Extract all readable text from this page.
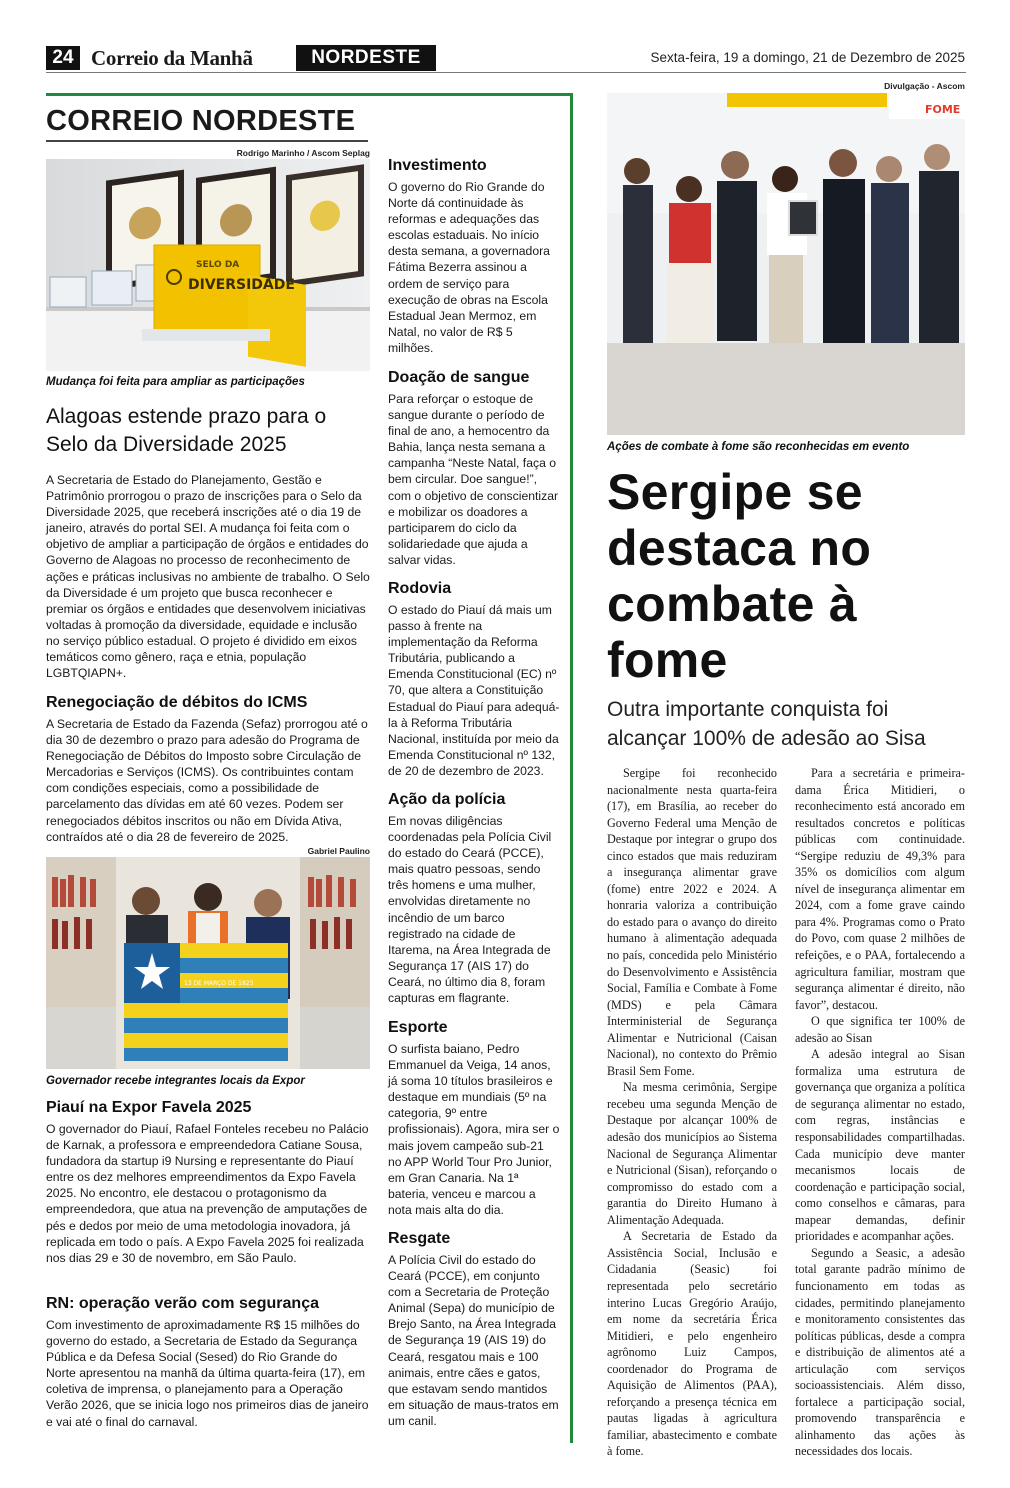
24 Correio da Manhã	NORDESTE	Sexta-feira, 19 a domingo, 21 de Dezembro de 2025
CORREIO NORDESTE
Rodrigo Marinho / Ascom Seplag
SELO DA
DIVERSIDADE
Mudança foi feita para ampliar as participações
Alagoas estende prazo para o Selo da Diversidade 2025
A Secretaria de Estado do Planejamento, Gestão e Patrimônio prorrogou o prazo de inscrições para o Selo da Diversidade 2025, que receberá inscrições até o dia 19 de janeiro, através do portal SEI. A mudança foi feita com o objetivo de ampliar a participação de órgãos e entidades do Governo de Alagoas no processo de reconhecimento de ações e práticas inclusivas no ambiente de trabalho. O Selo da Diversidade é um projeto que busca reconhecer e premiar os órgãos e entidades que desenvolvem iniciativas voltadas à promoção da diversidade, equidade e inclusão no serviço público estadual. O projeto é dividido em eixos temáticos como gênero, raça e etnia, população LGBTQIAPN+.
Renegociação de débitos do ICMS
A Secretaria de Estado da Fazenda (Sefaz) prorrogou até o dia 30 de dezembro o prazo para adesão do Programa de Renegociação de Débitos do Imposto sobre Circulação de Mercadorias e Serviços (ICMS). Os contribuintes contam com condições especiais, como a possibilidade de parcelamento das dívidas em até 60 vezes. Podem ser renegociados débitos inscritos ou não em Dívida Ativa, contraídos até o dia 28 de fevereiro de 2025.
Gabriel Paulino
13 DE MARÇO DE 1823
Governador recebe integrantes locais da Expor
Piauí na Expor Favela 2025
O governador do Piauí, Rafael Fonteles recebeu no Palácio de Karnak, a professora e empreendedora Catiane Sousa, fundadora da startup i9 Nursing e representante do Piauí entre os dez melhores empreendimentos da Expo Favela 2025. No encontro, ele destacou o protagonismo da empreendedora, que atua na prevenção de amputações de pés e dedos por meio de uma metodologia inovadora, já replicada em todo o país. A Expo Favela 2025 foi realizada nos dias 29 e 30 de novembro, em São Paulo.
RN: operação verão com segurança
Com investimento de aproximadamente R$ 15 milhões do governo do estado, a Secretaria de Estado da Segurança Pública e da Defesa Social (Sesed) do Rio Grande do Norte apresentou na manhã da última quarta-feira (17), em coletiva de imprensa, o planejamento para a Operação Verão 2026, que se inicia logo nos primeiros dias de janeiro e vai até o final do carnaval.
Investimento
O governo do Rio Grande do Norte dá continuidade às reformas e adequações das escolas estaduais. No início desta semana, a governadora Fátima Bezerra assinou a ordem de serviço para execução de obras na Escola Estadual Jean Mermoz, em Natal, no valor de R$ 5 milhões.
Doação de sangue
Para reforçar o estoque de sangue durante o período de final de ano, a hemocentro da Bahia, lança nesta semana a campanha “Neste Natal, faça o bem circular. Doe sangue!”, com o objetivo de conscientizar e mobilizar os doadores a participarem do ciclo da solidariedade que ajuda a salvar vidas.
Rodovia
O estado do Piauí dá mais um passo à frente na implementação da Reforma Tributária, publicando a Emenda Constitucional (EC) nº 70, que altera a Constituição Estadual do Piauí para adequá-la à Reforma Tributária Nacional, instituída por meio da Emenda Constitucional nº 132, de 20 de dezembro de 2023.
Ação da polícia
Em novas diligências coordenadas pela Polícia Civil do estado do Ceará (PCCE), mais quatro pessoas, sendo três homens e uma mulher, envolvidas diretamente no incêndio de um barco registrado na cidade de Itarema, na Área Integrada de Segurança 17 (AIS 17) do Ceará, no último dia 8, foram capturas em flagrante.
Esporte
O surfista baiano, Pedro Emmanuel da Veiga, 14 anos, já soma 10 títulos brasileiros e destaque em mundiais (5º na categoria, 9º entre profissionais). Agora, mira ser o mais jovem campeão sub-21 no APP World Tour Pro Junior, em Gran Canaria. Na 1ª bateria, venceu e marcou a nota mais alta do dia.
Resgate
A Polícia Civil do estado do Ceará (PCCE), em conjunto com a Secretaria de Proteção Animal (Sepa) do município de Brejo Santo, na Área Integrada de Segurança 19 (AIS 19) do Ceará, resgatou mais e 100 animais, entre cães e gatos, que estavam sendo mantidos em situação de maus-tratos em um canil.
Divulgação - Ascom
FOME
Ações de combate à fome são reconhecidas em evento
Sergipe se destaca no combate à fome
Outra importante conquista foi alcançar 100% de adesão ao Sisa

Sergipe foi reconhecido nacionalmente nesta quarta-feira (17), em Brasília, ao receber do Governo Federal uma Menção de Destaque por integrar o grupo dos cinco estados que mais reduziram a insegurança alimentar grave (fome) entre 2022 e 2024. A honraria valoriza a contribuição do estado para o avanço do direito humano à alimentação adequada no país, concedida pelo Ministério do Desenvolvimento e Assistência Social, Família e Combate à Fome (MDS) e pela Câmara Interministerial de Segurança Alimentar e Nutricional (Caisan Nacional), no contexto do Prêmio Brasil Sem Fome.

Na mesma cerimônia, Sergipe recebeu uma segunda Menção de Destaque por alcançar 100% de adesão dos municípios ao Sistema Nacional de Segurança Alimentar e Nutricional (Sisan), reforçando o compromisso do estado com a garantia do Direito Humano à Alimentação Adequada.

A Secretaria de Estado da Assistência Social, Inclusão e Cidadania (Seasic) foi representada pelo secretário interino Lucas Gregório Araújo, em nome da secretária Érica Mitidieri, e pelo engenheiro agrônomo Luiz Campos, coordenador do Programa de Aquisição de Alimentos (PAA), reforçando a presença técnica em pautas ligadas à agricultura familiar, abastecimento e combate à fome.

Para a secretária e primeira-dama Érica Mitidieri, o reconhecimento está ancorado em resultados concretos e políticas públicas com continuidade. “Sergipe reduziu de 49,3% para 35% os domicílios com algum nível de insegurança alimentar em 2024, com a fome grave caindo para 4%. Programas como o Prato do Povo, com quase 2 milhões de refeições, e o PAA, fortalecendo a agricultura familiar, mostram que segurança alimentar é direito, não favor”, destacou.

O que significa ter 100% de adesão ao Sisan

A adesão integral ao Sisan formaliza uma estrutura de governança que organiza a política de segurança alimentar no estado, com regras, instâncias e responsabilidades compartilhadas. Cada município deve manter mecanismos locais de coordenação e participação social, como conselhos e câmaras, para mapear demandas, definir prioridades e acompanhar ações.

Segundo a Seasic, a adesão total garante padrão mínimo de funcionamento em todas as cidades, permitindo planejamento e monitoramento consistentes das políticas públicas, desde a compra e distribuição de alimentos até a articulação com serviços socioassistenciais. Além disso, fortalece a participação social, promovendo transparência e alinhamento das ações às necessidades dos locais.
